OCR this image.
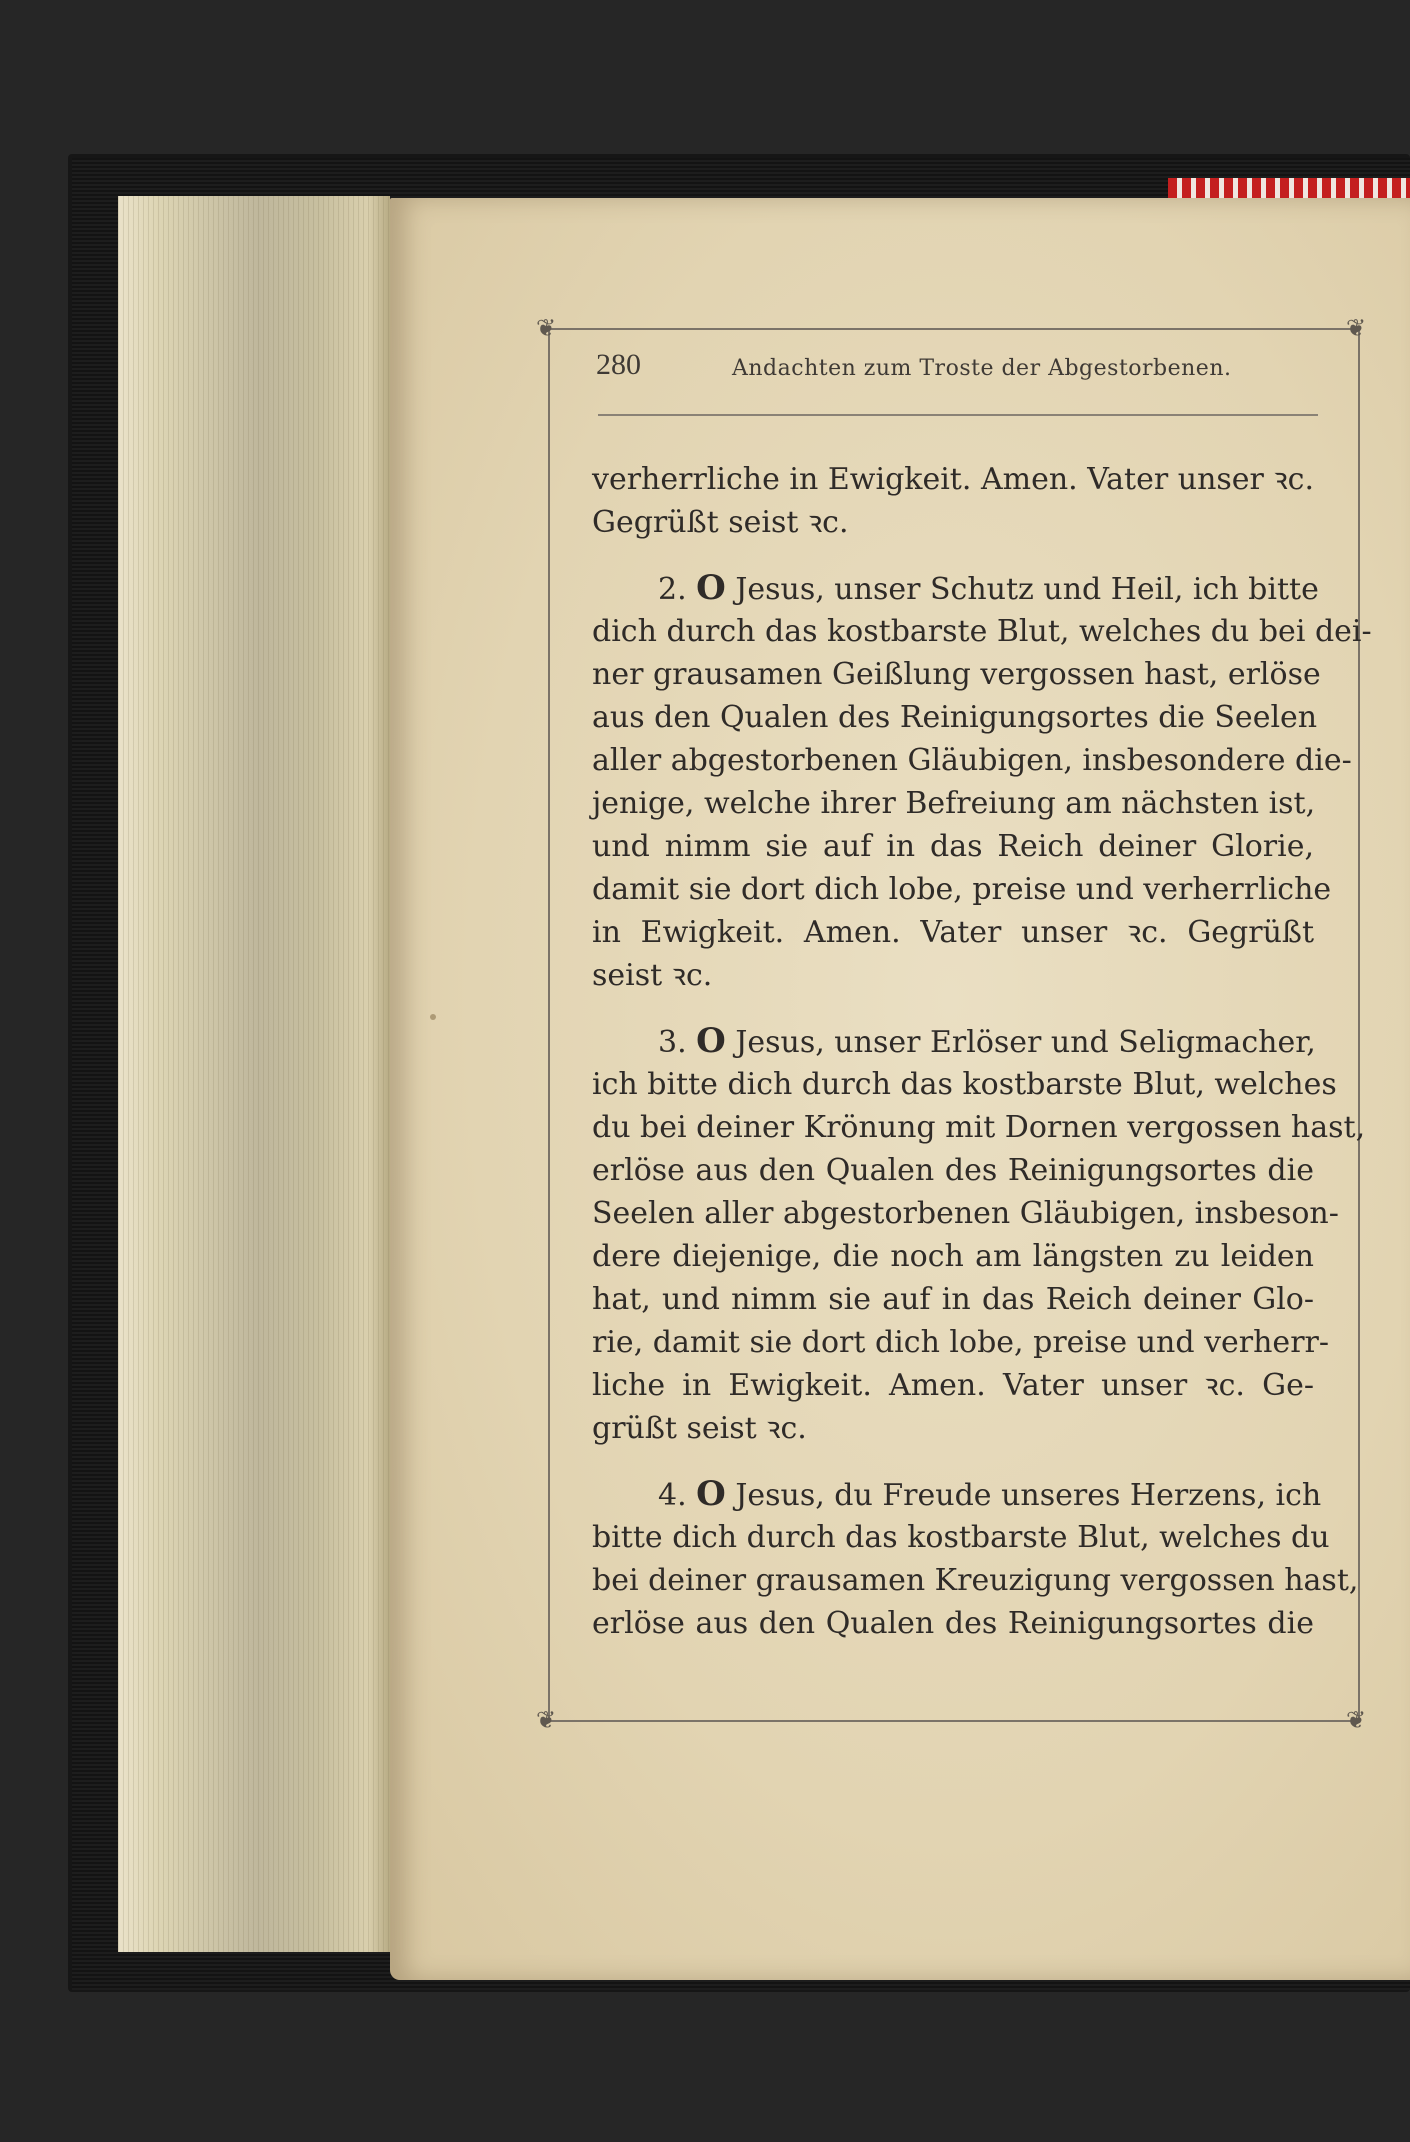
❦	❦
❦	❦
280	Andachten zum Troste der Abgestorbenen.
verherrliche in Ewigkeit. Amen. Vater unser ꝛc.
Gegrüßt seist ꝛc.
2. O Jesus, unser Schutz und Heil, ich bitte
dich durch das kostbarste Blut, welches du bei dei-
ner grausamen Geißlung vergossen hast, erlöse
aus den Qualen des Reinigungsortes die Seelen
aller abgestorbenen Gläubigen, insbesondere die-
jenige, welche ihrer Befreiung am nächsten ist,
und nimm sie auf in das Reich deiner Glorie,
damit sie dort dich lobe, preise und verherrliche
in Ewigkeit. Amen. Vater unser ꝛc. Gegrüßt
seist ꝛc.
3. O Jesus, unser Erlöser und Seligmacher,
ich bitte dich durch das kostbarste Blut, welches
du bei deiner Krönung mit Dornen vergossen hast,
erlöse aus den Qualen des Reinigungsortes die
Seelen aller abgestorbenen Gläubigen, insbeson-
dere diejenige, die noch am längsten zu leiden
hat, und nimm sie auf in das Reich deiner Glo-
rie, damit sie dort dich lobe, preise und verherr-
liche in Ewigkeit. Amen. Vater unser ꝛc. Ge-
grüßt seist ꝛc.
4. O Jesus, du Freude unseres Herzens, ich
bitte dich durch das kostbarste Blut, welches du
bei deiner grausamen Kreuzigung vergossen hast,
erlöse aus den Qualen des Reinigungsortes die
